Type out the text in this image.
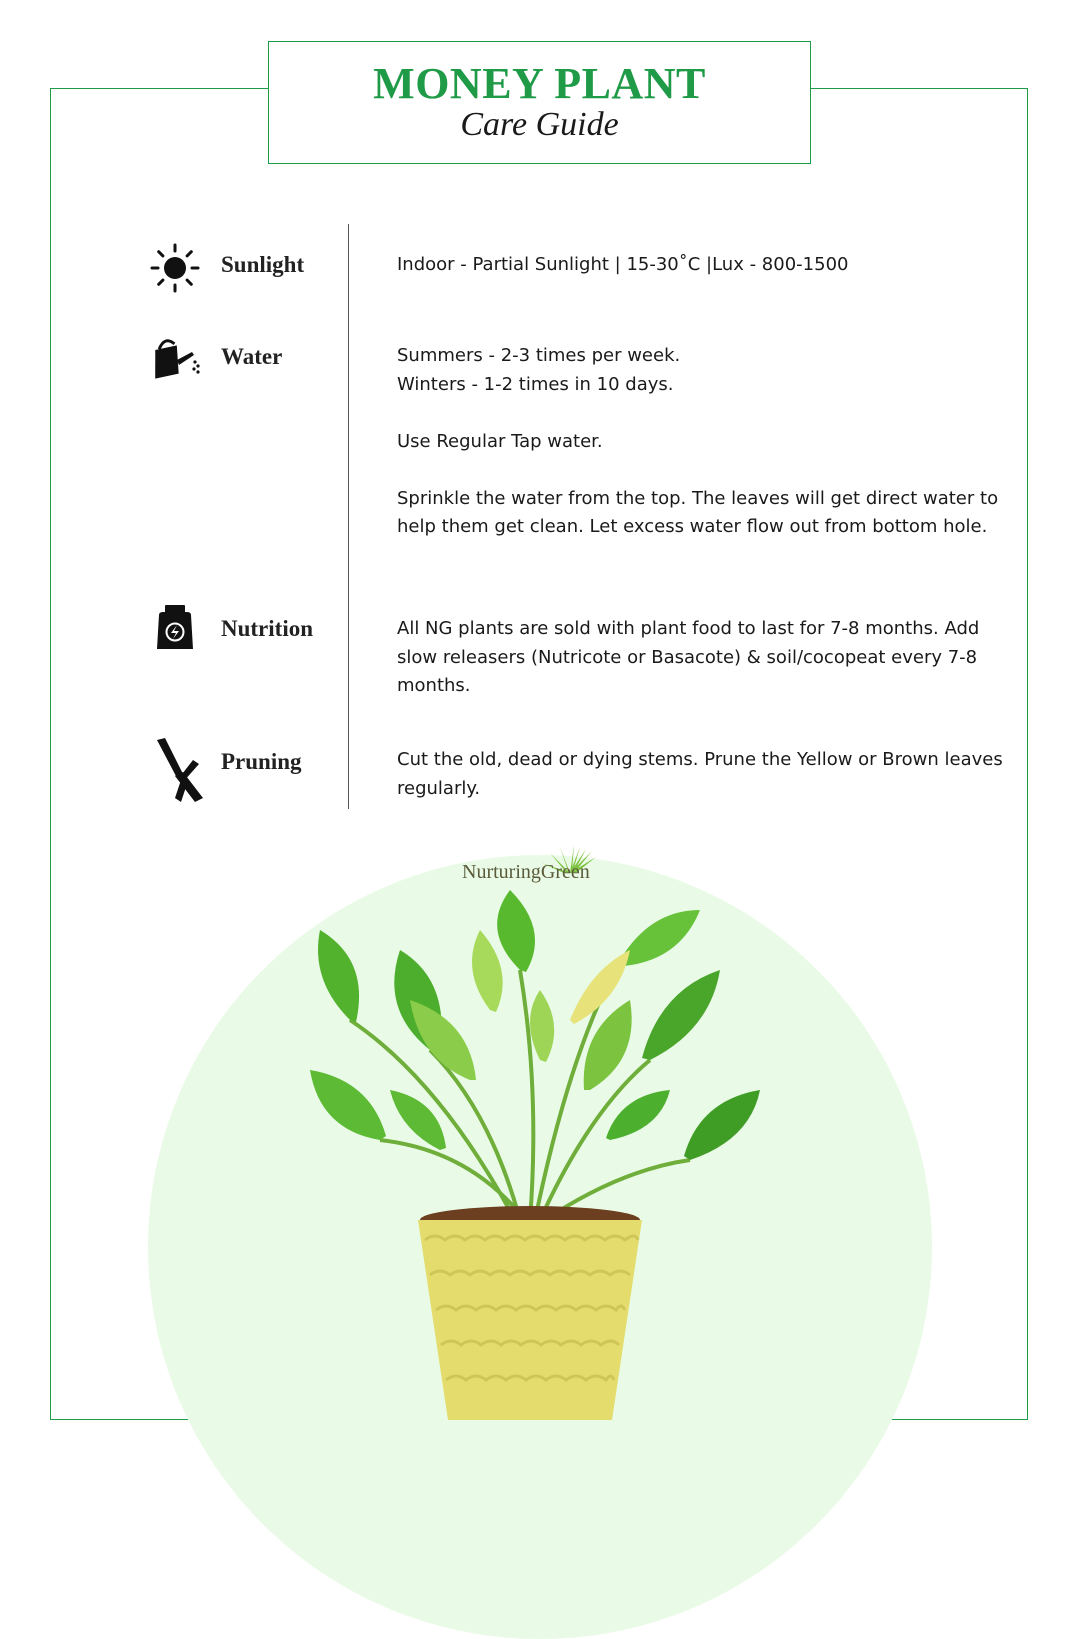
MONEY PLANT
Care Guide
Sunlight	Indoor - Partial Sunlight | 15-30˚C |Lux - 800-1500

Water	Summers - 2-3 times per week.
Winters - 1-2 times in 10 days.

Use Regular Tap water.

Sprinkle the water from the top. The leaves will get direct water to help them get clean. Let excess water flow out from bottom hole.

Nutrition	All NG plants are sold with plant food to last for 7-8 months. Add slow releasers (Nutricote or Basacote) & soil/cocopeat every 7-8 months.

Pruning	Cut the old, dead or dying stems. Prune the Yellow or Brown leaves regularly.

NurturingGreen
